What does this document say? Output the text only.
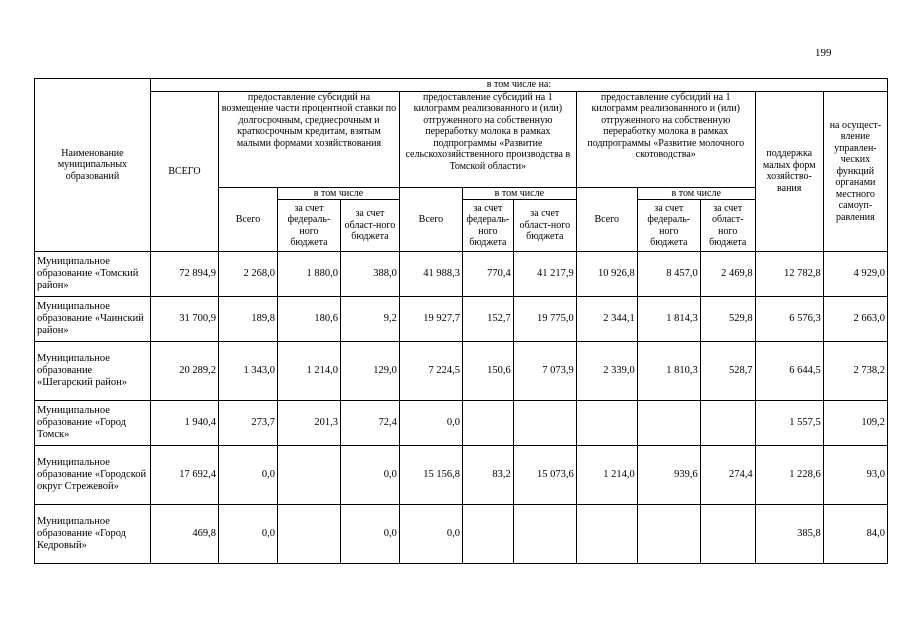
199
Наименование муниципальных образований	в том числе на:											
	ВСЕГО	предоставление субсидий на возмещение части процентной ставки по долгосрочным, среднесрочным и краткосрочным кредитам, взятым малыми формами хозяйствования			предоставление субсидий на 1 килограмм реализованного и (или) отгруженного на собственную переработку молока в рамках подпрограммы «Развитие сельскохозяйственного производства в Томской области»			предоставление субсидий на 1 килограмм реализованного и (или) отгруженного на собственную переработку молока в рамках подпрограммы «Развитие молочного скотоводства»			поддержка малых форм хозяйство-вания	на осущест-вление управлен-ческих функций органами местного самоуп-равления
		Всего	в том числе		Всего	в том числе		Всего	в том числе			
			за счет федераль-ного бюджета	за счет област-ного бюджета		за счет федераль-ного бюджета	за счет област-ного бюджета		за счет федераль-ного бюджета	за счет област-ного бюджета		
Муниципальное образование «Томский район»	72 894,9	2 268,0	1 880,0	388,0	41 988,3	770,4	41 217,9	10 926,8	8 457,0	2 469,8	12 782,8	4 929,0
Муниципальное образование «Чаинский район»	31 700,9	189,8	180,6	9,2	19 927,7	152,7	19 775,0	2 344,1	1 814,3	529,8	6 576,3	2 663,0
Муниципальное образование «Шегарский район»	20 289,2	1 343,0	1 214,0	129,0	7 224,5	150,6	7 073,9	2 339,0	1 810,3	528,7	6 644,5	2 738,2
Муниципальное образование «Город Томск»	1 940,4	273,7	201,3	72,4	0,0						1 557,5	109,2
Муниципальное образование «Городской округ Стрежевой»	17 692,4	0,0		0,0	15 156,8	83,2	15 073,6	1 214,0	939,6	274,4	1 228,6	93,0
Муниципальное образование «Город Кедровый»	469,8	0,0		0,0	0,0						385,8	84,0
